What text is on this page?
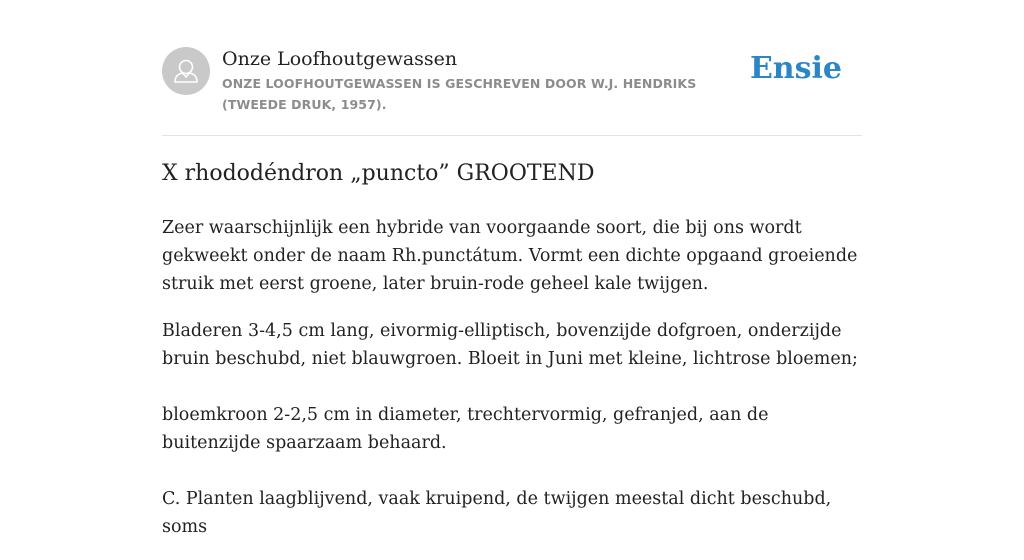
Onze Loofhoutgewassen
ONZE LOOFHOUTGEWASSEN IS GESCHREVEN DOOR W.J. HENDRIKS (TWEEDE DRUK, 1957).
Ensie
X rhododéndron „puncto” GROOTEND

Zeer waarschijnlijk een hybride van voorgaande soort, die bij ons wordt gekweekt onder de naam Rh.punctátum. Vormt een dichte opgaand groeiende struik met eerst groene, later bruin-rode geheel kale twijgen.

Bladeren 3-4,5 cm lang, eivormig-elliptisch, bovenzijde dofgroen, onderzijde bruin beschubd, niet blauwgroen. Bloeit in Juni met kleine, lichtrose bloemen;

bloemkroon 2-2,5 cm in diameter, trechtervormig, gefranjed, aan de buitenzijde spaarzaam behaard.

C. Planten laagblijvend, vaak kruipend, de twijgen meestal dicht beschubd, soms
